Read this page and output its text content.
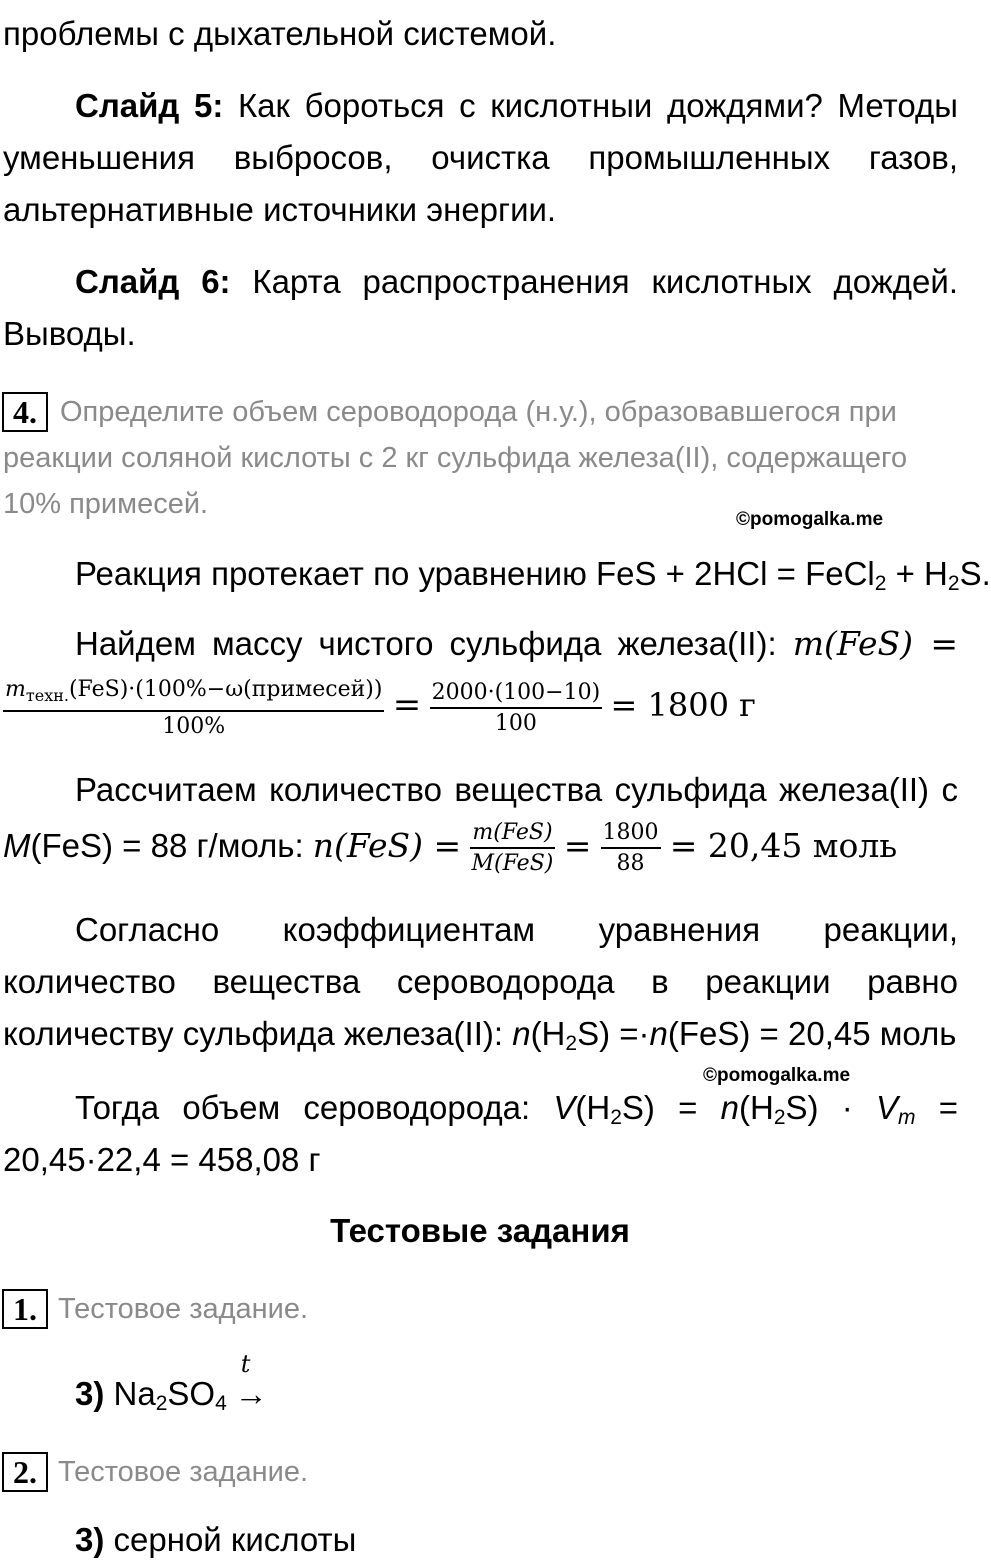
проблемы с дыхательной системой.
Слайд 5: Как бороться с кислотныи дождями? Методы
уменьшения выбросов, очистка промышленных газов,
альтернативные источники энергии.
Слайд 6: Карта распространения кислотных дождей.
Выводы.
4. Определите объем сероводорода (н.у.), образовавшегося при
реакции соляной кислоты с 2 кг сульфида железа(II), содержащего
10% примесей.	©pomogalka.me
Реакция протекает по уравнению FeS + 2HCl = FeCl$_2$ + $H_2S$.
Найдем массу чистого сульфида железа(II): m(FeS) =
$\frac{m_{техн.}(FeS)\cdot(100\%-\omega(примесей))}{100\%} = \frac{2000\cdot(100-10)}{100} = 1800$ г
Рассчитаем количество вещества сульфида железа(II) с
M(FeS) = 88 г/моль: $n(FeS) = \frac{\text{m(FeS)}}{\text{M(FeS)}} = \frac{1800}{88} = 20,45$ моль
Согласно коэффициентам уравнения реакции,
количество вещества сероводорода в реакции равно
количеству сульфида железа(II): $n(H_2S) =\cdot n(FeS) = 20,45$ моль
©pomogalka.me
Тогда объем сероводорода: $V(H_2S) = n(H_2S) \cdot V_m$ =
20,45·22,4 = 458,08 г
Тестовые задания
1. Тестовое задание.
3) $Na_2SO_4$
t
→
2. Тестовое задание.
3) серной кислоты
